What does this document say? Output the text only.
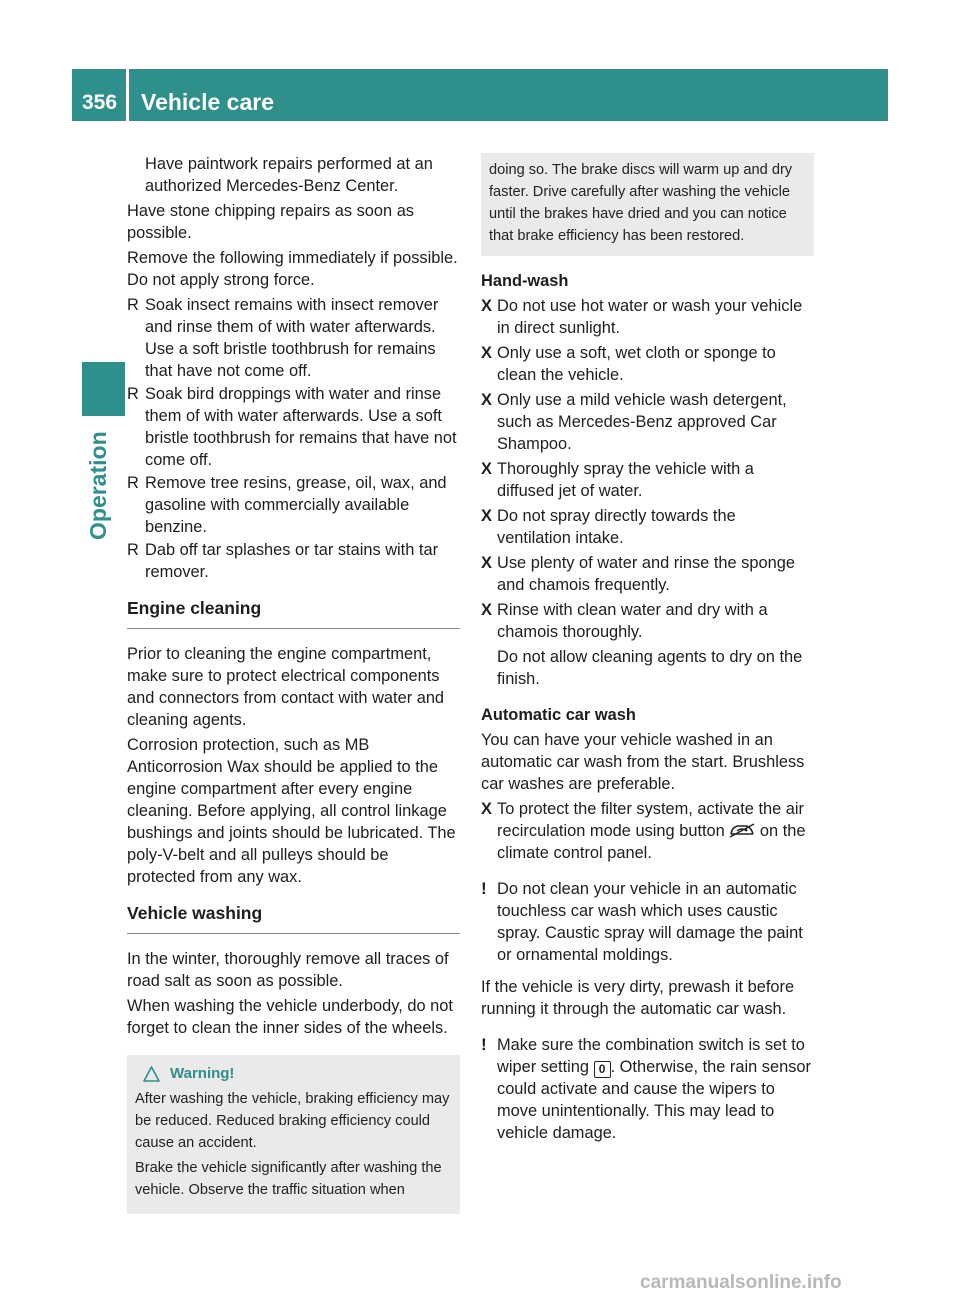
356 Vehicle care
Operation

Have paintwork repairs performed at an authorized Mercedes-Benz Center.

Have stone chipping repairs as soon as possible.

Remove the following immediately if possible. Do not apply strong force.

R Soak insect remains with insect remover and rinse them of with water afterwards. Use a soft bristle toothbrush for remains that have not come off.
R Soak bird droppings with water and rinse them of with water afterwards. Use a soft bristle toothbrush for remains that have not come off.
R Remove tree resins, grease, oil, wax, and gasoline with commercially available benzine.
R Dab off tar splashes or tar stains with tar remover.
Engine cleaning

Prior to cleaning the engine compartment, make sure to protect electrical components and connectors from contact with water and cleaning agents.

Corrosion protection, such as MB Anticorrosion Wax should be applied to the engine compartment after every engine cleaning. Before applying, all control linkage bushings and joints should be lubricated. The poly-V-belt and all pulleys should be protected from any wax.

Vehicle washing

In the winter, thoroughly remove all traces of road salt as soon as possible.

When washing the vehicle underbody, do not forget to clean the inner sides of the wheels.

Warning!

After washing the vehicle, braking efficiency may be reduced. Reduced braking efficiency could cause an accident.

Brake the vehicle significantly after washing the vehicle. Observe the traffic situation when

doing so. The brake discs will warm up and dry faster. Drive carefully after washing the vehicle until the brakes have dried and you can notice that brake efficiency has been restored.

Hand-wash

X Do not use hot water or wash your vehicle in direct sunlight.
X Only use a soft, wet cloth or sponge to clean the vehicle.
X Only use a mild vehicle wash detergent, such as Mercedes-Benz approved Car Shampoo.
X Thoroughly spray the vehicle with a diffused jet of water.
X Do not spray directly towards the ventilation intake.
X Use plenty of water and rinse the sponge and chamois frequently.
X Rinse with clean water and dry with a chamois thoroughly.

Do not allow cleaning agents to dry on the finish.

Automatic car wash

You can have your vehicle washed in an automatic car wash from the start. Brushless car washes are preferable.

X To protect the filter system, activate the air recirculation mode using button on the climate control panel.
! Do not clean your vehicle in an automatic touchless car wash which uses caustic spray. Caustic spray will damage the paint or ornamental moldings.

If the vehicle is very dirty, prewash it before running it through the automatic car wash.

! Make sure the combination switch is set to wiper setting 0 . Otherwise, the rain sensor could activate and cause the wipers to move unintentionally. This may lead to vehicle damage.
carmanualsonline.info
